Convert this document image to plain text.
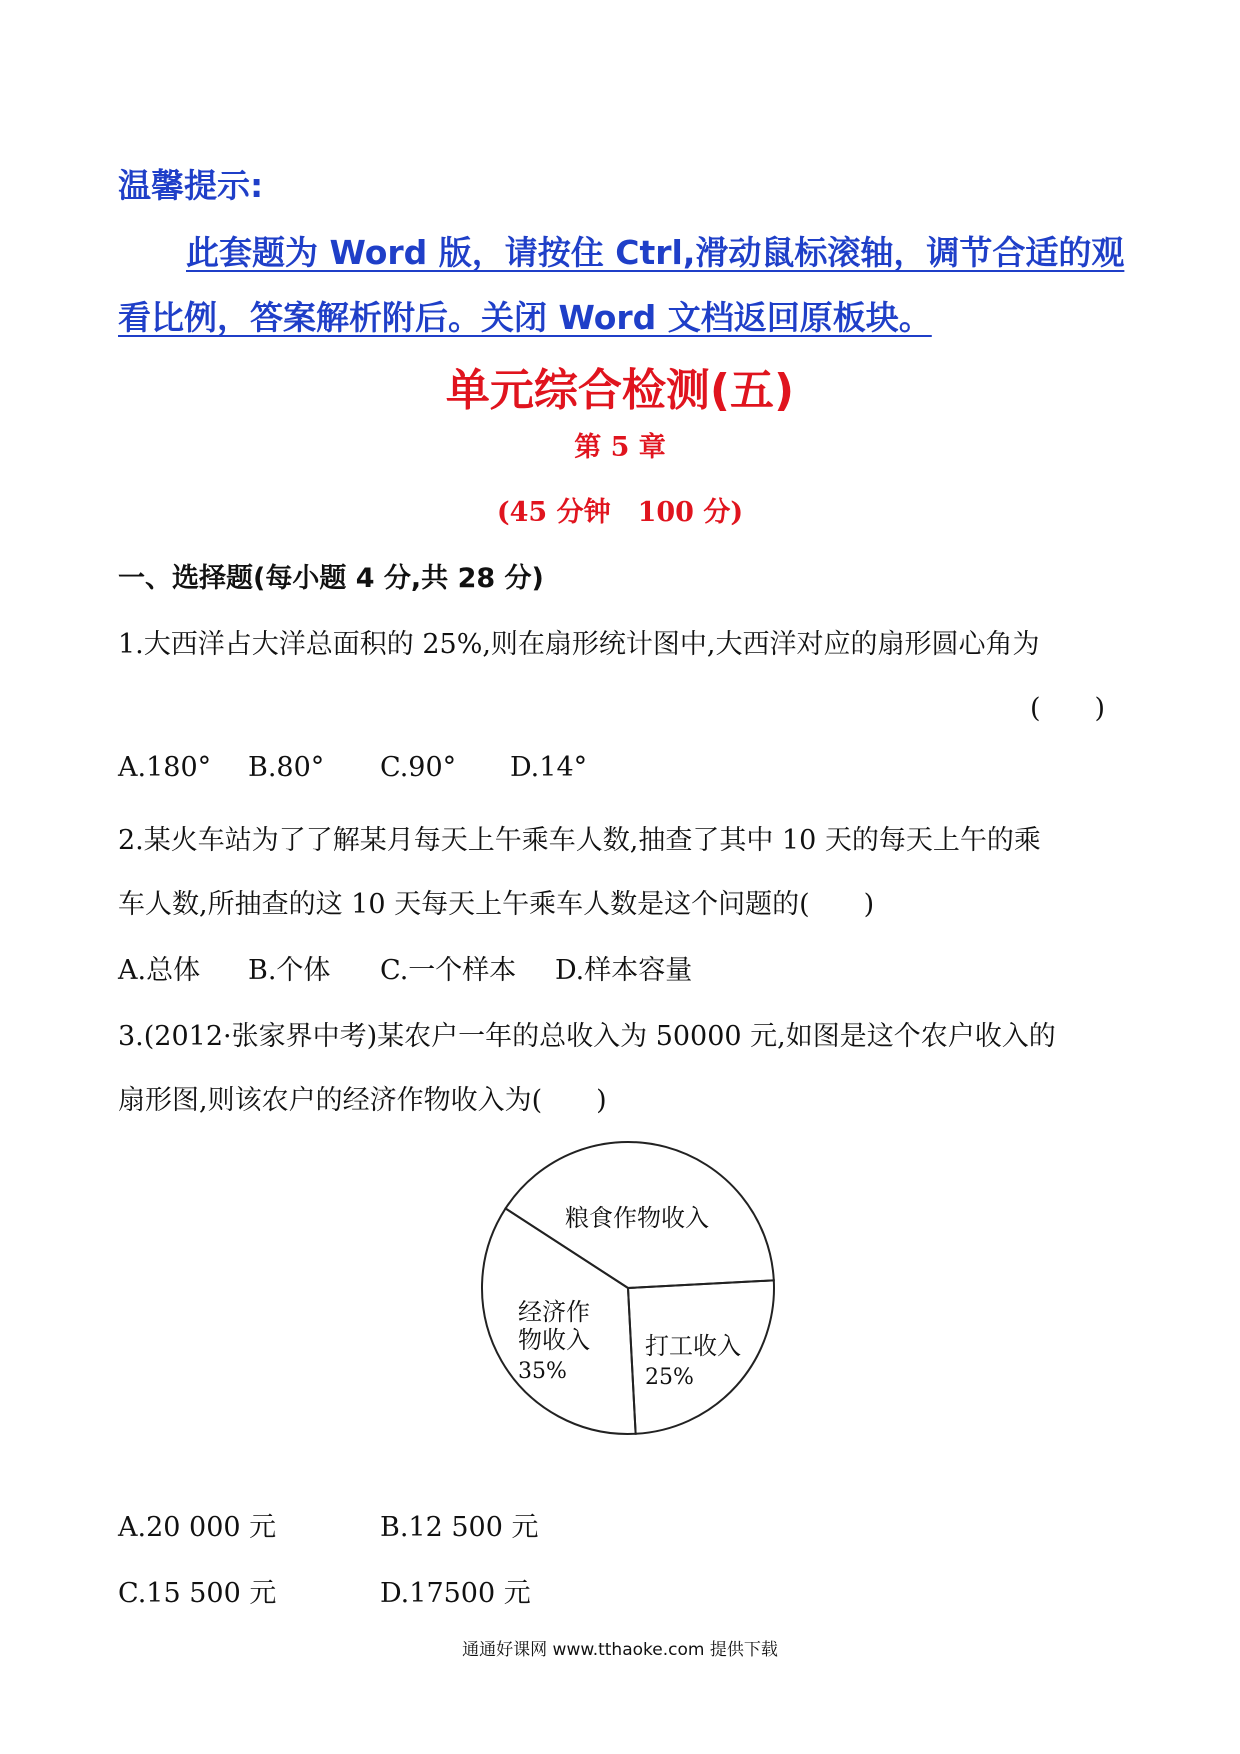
温馨提示:
此套题为 Word 版，请按住 Ctrl,滑动鼠标滚轴，调节合适的观
看比例，答案解析附后。关闭 Word 文档返回原板块。
单元综合检测(五)
第 5 章
(45 分钟　100 分)
一、选择题(每小题 4 分,共 28 分)
1.大西洋占大洋总面积的 25%,则在扇形统计图中,大西洋对应的扇形圆心角为
(　　)
A.180° B.80° C.90° D.14°
2.某火车站为了了解某月每天上午乘车人数,抽查了其中 10 天的每天上午的乘
车人数,所抽查的这 10 天每天上午乘车人数是这个问题的(　　)
A.总体 B.个体 C.一个样本 D.样本容量
3.(2012·张家界中考)某农户一年的总收入为 50000 元,如图是这个农户收入的
扇形图,则该农户的经济作物收入为(　　)
粮食作物收入
经济作
物收入
35%
打工收入
25%
A.20 000 元	B.12 500 元
C.15 500 元	D.17500 元
通通好课网 www.tthaoke.com 提供下载
